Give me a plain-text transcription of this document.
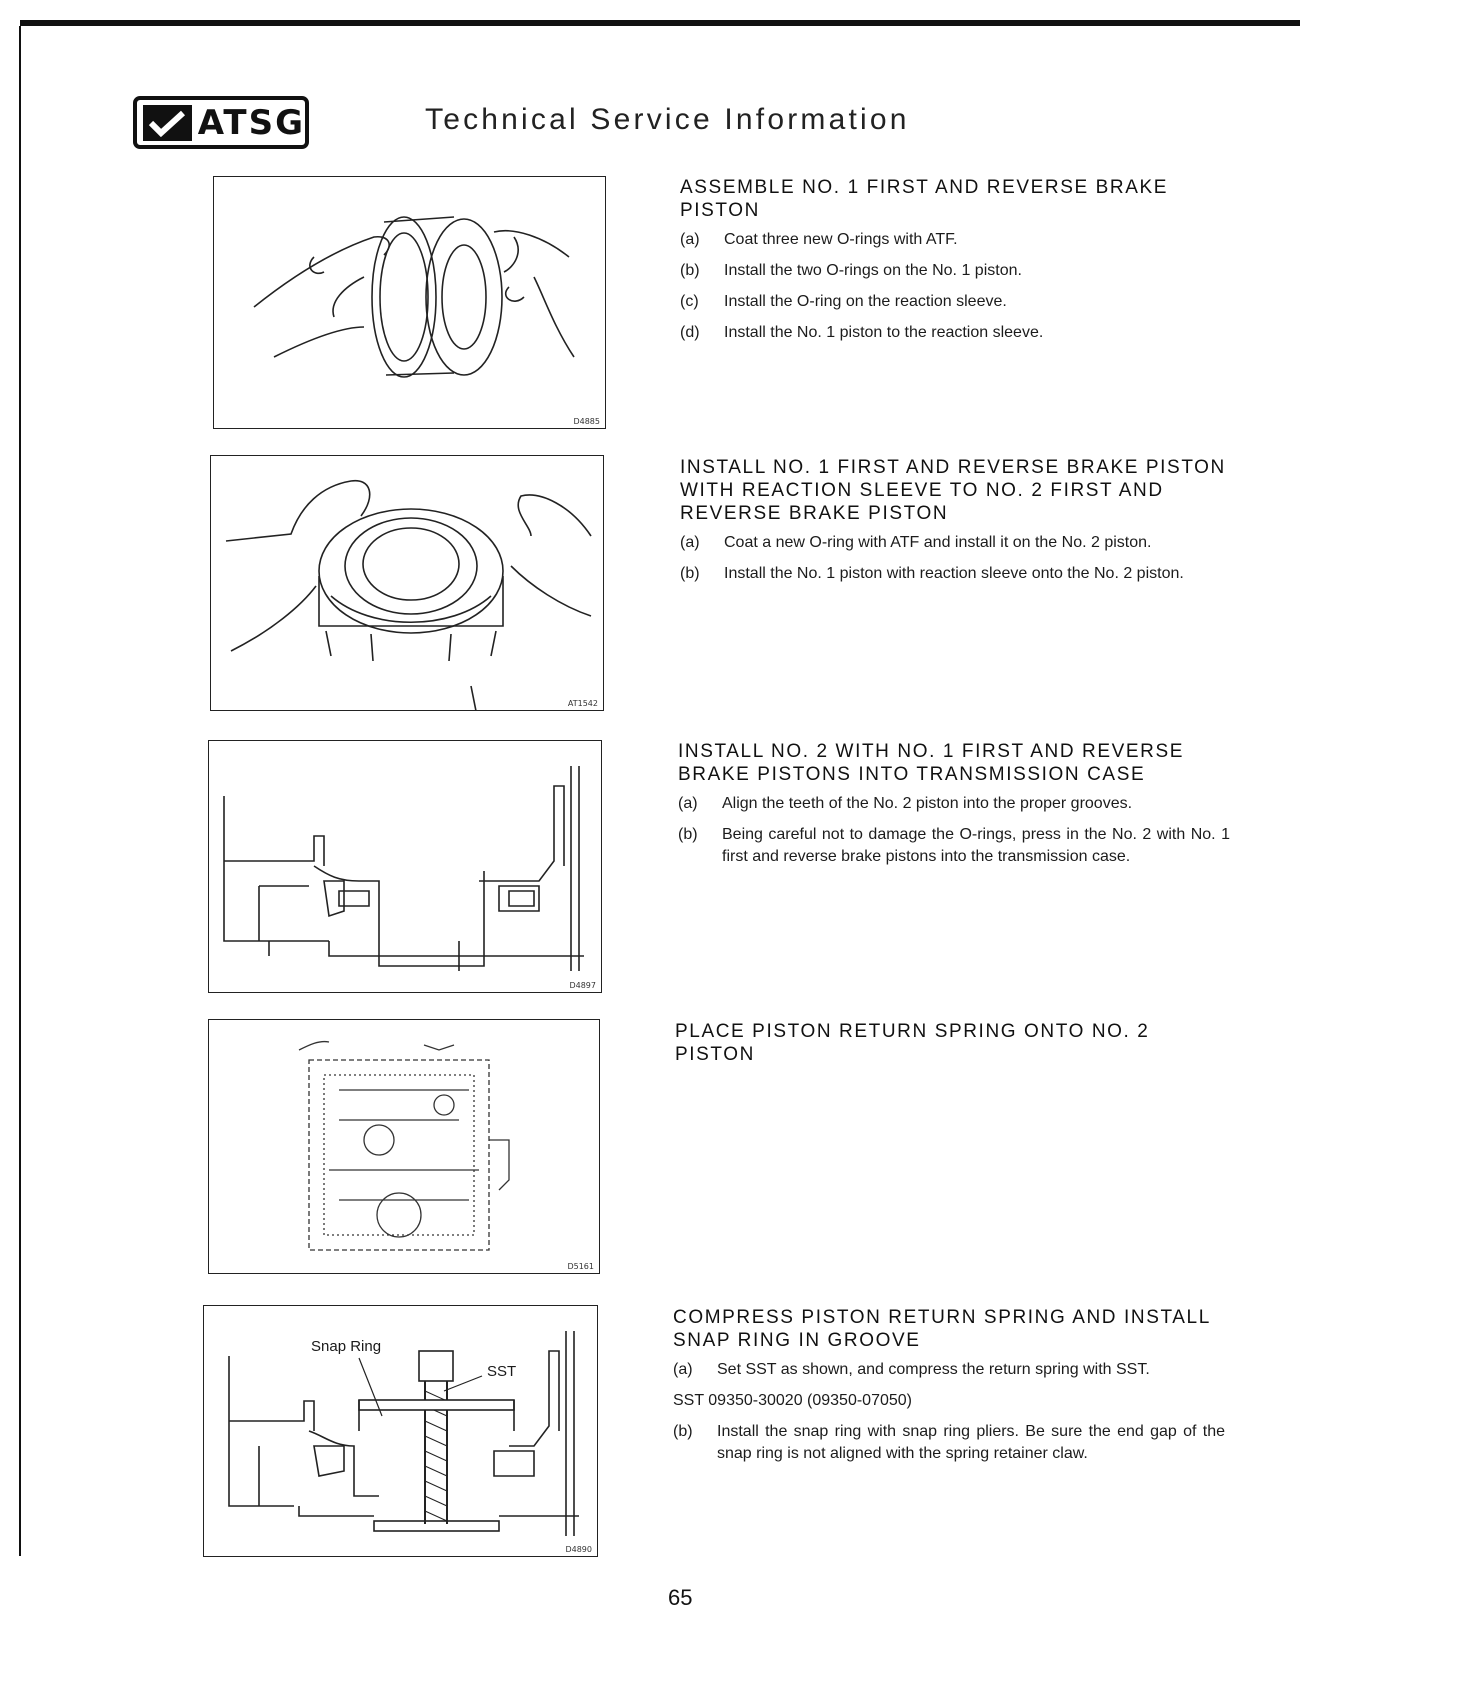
ATSG	Technical Service Information
D4885
AT1542
D4897
D5161
Snap Ring
SST
D4890
ASSEMBLE NO. 1 FIRST AND REVERSE BRAKE PISTON
(a)	Coat three new O-rings with ATF.
(b)	Install the two O-rings on the No. 1 piston.
(c)	Install the O-ring on the reaction sleeve.
(d)	Install the No. 1 piston to the reaction sleeve.
INSTALL NO. 1 FIRST AND REVERSE BRAKE PISTON WITH REACTION SLEEVE TO NO. 2 FIRST AND REVERSE BRAKE PISTON
(a)	Coat a new O-ring with ATF and install it on the No. 2 piston.
(b)	Install the No. 1 piston with reaction sleeve onto the No. 2 piston.
INSTALL NO. 2 WITH NO. 1 FIRST AND REVERSE BRAKE PISTONS INTO TRANSMISSION CASE
(a)	Align the teeth of the No. 2 piston into the proper grooves.
(b)	Being careful not to damage the O-rings, press in the No. 2 with No. 1 first and reverse brake pistons into the transmission case.
PLACE PISTON RETURN SPRING ONTO NO. 2 PISTON
COMPRESS PISTON RETURN SPRING AND INSTALL SNAP RING IN GROOVE
(a)	Set SST as shown, and compress the return spring with SST.
SST 09350-30020 (09350-07050)
(b)	Install the snap ring with snap ring pliers. Be sure the end gap of the snap ring is not aligned with the spring retainer claw.
65
